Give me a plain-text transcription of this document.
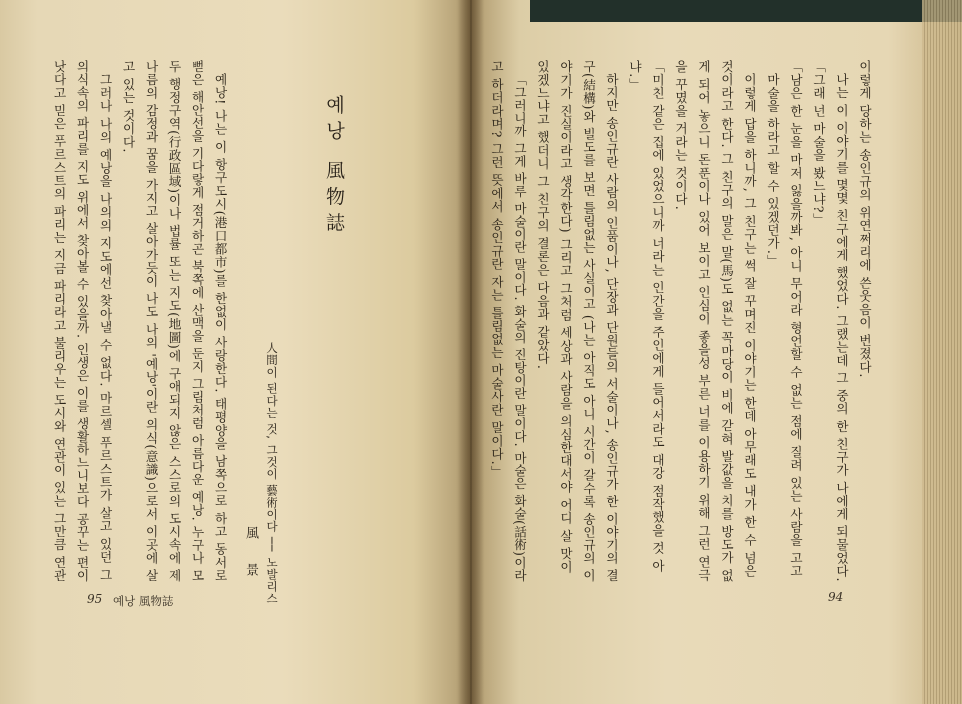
이렇게 당하는 송인규의 위연쩌리에 쓴웃음이 번졌다.
나는 이 이야기를 몇몇 친구에게 했었다. 그랬는데 그 중의 한 친구가 나에게 되물었다.
「그래 넌 마술을 봤느냐?」
「남은 한 눈을 마저 잃을까봐, 아니 무어라 형언할 수 없는 점에 질려 있는 사람을 고고
마술을 하라고 할 수 있겠던가.」
이렇게 답을 하니까, 그 친구는 썩 잘 꾸며진 이야기는 한데 아무래도 내가 한 수 넘은
것이라고 한다. 그 친구의 말은 말(馬)도 없는 꼭마당이 비에 갇혀 발값을 치를 방도가 없
게 되어 놓으니 돈푼이나 있어 보이고 인심이 좋을성 부른 너를 이용하기 위해 그런 연극
을 꾸몄을 거라는 것이다.
「미친 같은 집에 있었으니까 너라는 인간을 주인에게 들어서라도 대강 점작했을 것 아
냐.」
하지만 송인규란 사람의 인품이나, 단장과 단원들의 서술이나, 송인규가 한 이야기의 결
구(結構)와 빌도를 보면 틀림없는 사실이고 (나는 아직도 아니 시간이 갈수록 송인규의 이
야기가 진실이라고 생각한다) 그리고 그처럼 세상과 사람을 의심한대서야 어디 살 맛이
있겠느냐고 했더니 그 친구의 결론은 다음과 같았다.
「그러니까 그게 바루 마술이란 말이다. 화술의 진탕이란 말이다. 마술은 화술(話術)이라
고 하더라며? 그런 뜻에서 송인규란 자는 틀림없는 마술사란 말이다.」
94
예낭 風物誌
人間이 된다는 것, 그것이 藝術이다 ── 노발리스
風 景
예낭! 나는 이 항구도시(港口都市)를 한없이 사랑한다. 태평양을 남쪽으로 하고 동서로
뻗은 해안선을 기다랗게 점거하곤 북쪽에 산맥을 둔지 그림처럼 아름다운 예낭. 누구나 모
두 행정구역(行政區域)이나 법률 또는 지도(地圖)에 구애되지 않은 스스로의 도시속에 제
나름의 감정과 꿈을 가지고 살아가듯이 나도 나의 '예낭'이란 의식(意識)으로서 이곳에 살
고 있는 것이다.
그러나 나의 예낭을 나의의 지도에선 찾아낼 수 없다. 마르셀 푸르스트가 살고 있던 그
의식속의 파리를 지도 위에서 찾아볼 수 있을까. 인생은 이를 생활하느니보다 공꾸는 편이
낫다고 믿은 푸르스트의 파리는 지금 파리라고 불리우는 도시와 연관이 있는 그만큼 연관
95 예낭 風物誌
